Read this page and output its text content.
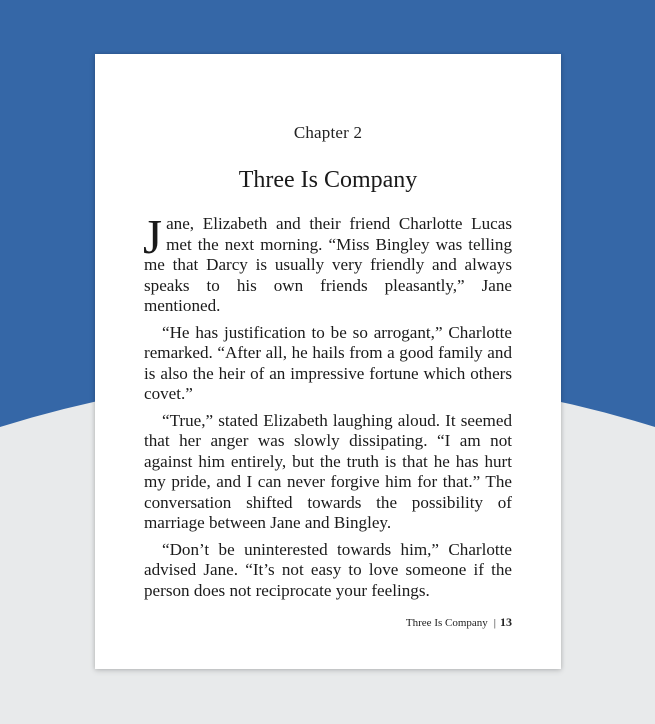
Chapter 2
Three Is Company

Jane, Elizabeth and their friend Charlotte Lucas met the next morning. “Miss Bingley was telling me that Darcy is usually very friendly and always speaks to his own friends pleasantly,” Jane mentioned.

“He has justification to be so arrogant,” Charlotte remarked. “After all, he hails from a good family and is also the heir of an impressive fortune which others covet.”

“True,” stated Elizabeth laughing aloud. It seemed that her anger was slowly dissipating. “I am not against him entirely, but the truth is that he has hurt my pride, and I can never forgive him for that.” The conversation shifted towards the possibility of marriage between Jane and Bingley.

“Don’t be uninterested towards him,” Charlotte advised Jane. “It’s not easy to love someone if the person does not reciprocate your feelings.

Three Is Company | 13
